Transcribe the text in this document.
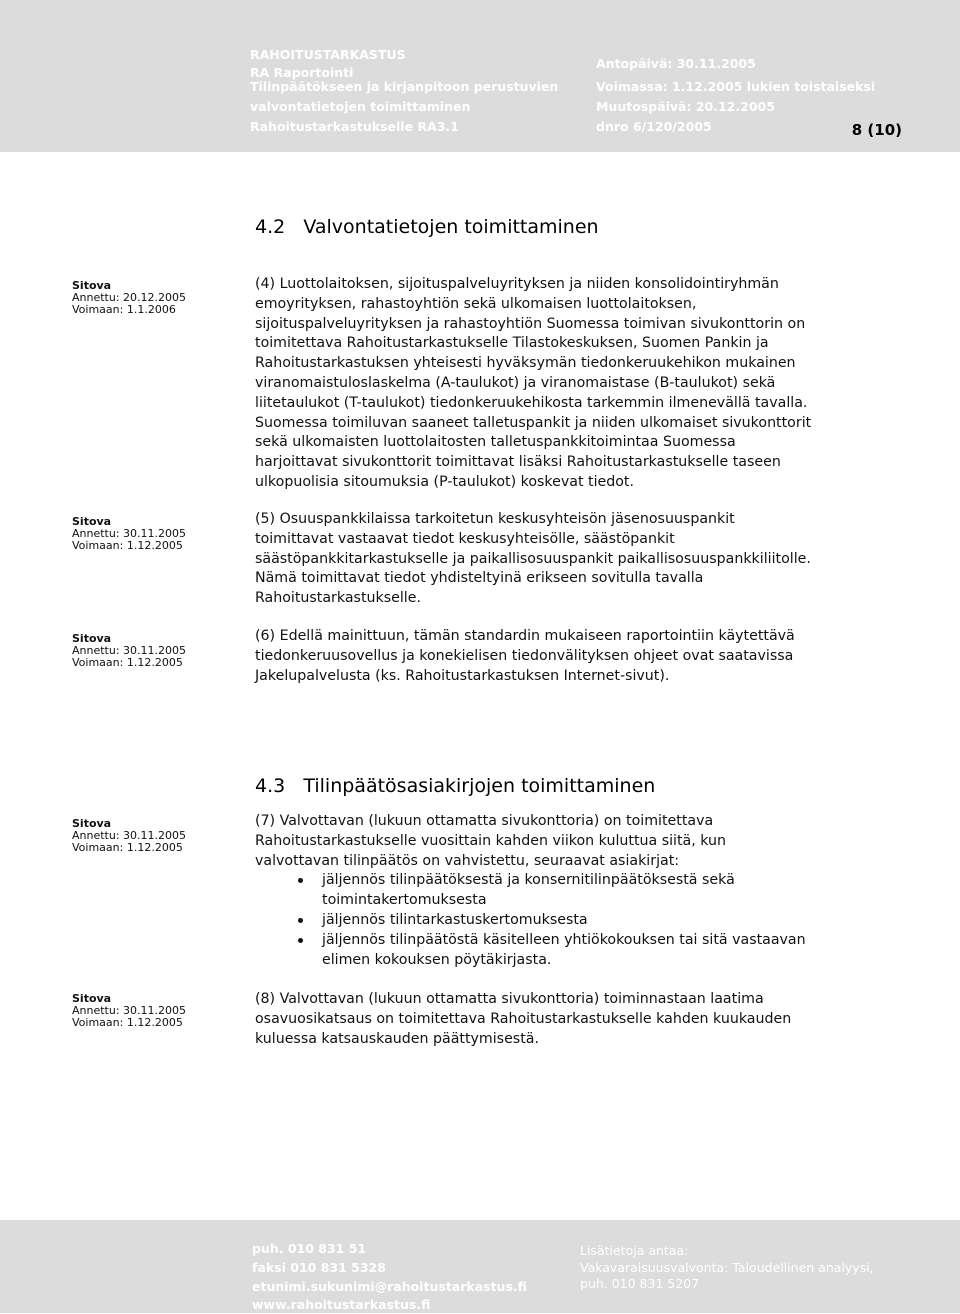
RAHOITUSTARKASTUS
RA Raportointi
Tilinpäätökseen ja kirjanpitoon perustuvien
valvontatietojen toimittaminen
Rahoitustarkastukselle RA3.1
Antopäivä: 30.11.2005
Voimassa: 1.12.2005 lukien toistaiseksi
Muutospäivä: 20.12.2005
dnro 6/120/2005	8 (10)
4.2 Valvontatietojen toimittaminen
Sitova
Annettu: 20.12.2005
Voimaan: 1.1.2006
(4) Luottolaitoksen, sijoituspalveluyrityksen ja niiden konsolidointiryhmän
emoyrityksen, rahastoyhtiön sekä ulkomaisen luottolaitoksen,
sijoituspalveluyrityksen ja rahastoyhtiön Suomessa toimivan sivukonttorin on
toimitettava Rahoitustarkastukselle Tilastokeskuksen, Suomen Pankin ja
Rahoitustarkastuksen yhteisesti hyväksymän tiedonkeruukehikon mukainen
viranomaistuloslaskelma (A-taulukot) ja viranomaistase (B-taulukot) sekä
liitetaulukot (T-taulukot) tiedonkeruukehikosta tarkemmin ilmenevällä tavalla.
Suomessa toimiluvan saaneet talletuspankit ja niiden ulkomaiset sivukonttorit
sekä ulkomaisten luottolaitosten talletuspankkitoimintaa Suomessa
harjoittavat sivukonttorit toimittavat lisäksi Rahoitustarkastukselle taseen
ulkopuolisia sitoumuksia (P-taulukot) koskevat tiedot.
Sitova
Annettu: 30.11.2005
Voimaan: 1.12.2005
(5) Osuuspankkilaissa tarkoitetun keskusyhteisön jäsenosuuspankit
toimittavat vastaavat tiedot keskusyhteisölle, säästöpankit
säästöpankkitarkastukselle ja paikallisosuuspankit paikallisosuuspankkiliitolle.
Nämä toimittavat tiedot yhdisteltyinä erikseen sovitulla tavalla
Rahoitustarkastukselle.
Sitova
Annettu: 30.11.2005
Voimaan: 1.12.2005
(6) Edellä mainittuun, tämän standardin mukaiseen raportointiin käytettävä
tiedonkeruusovellus ja konekielisen tiedonvälityksen ohjeet ovat saatavissa
Jakelupalvelusta (ks. Rahoitustarkastuksen Internet-sivut).
4.3 Tilinpäätösasiakirjojen toimittaminen
Sitova
Annettu: 30.11.2005
Voimaan: 1.12.2005
(7) Valvottavan (lukuun ottamatta sivukonttoria) on toimitettava
Rahoitustarkastukselle vuosittain kahden viikon kuluttua siitä, kun
valvottavan tilinpäätös on vahvistettu, seuraavat asiakirjat:
jäljennös tilinpäätöksestä ja konsernitilinpäätöksestä sekä
toimintakertomuksesta
jäljennös tilintarkastuskertomuksesta
jäljennös tilinpäätöstä käsitelleen yhtiökokouksen tai sitä vastaavan
elimen kokouksen pöytäkirjasta.
Sitova
Annettu: 30.11.2005
Voimaan: 1.12.2005
(8) Valvottavan (lukuun ottamatta sivukonttoria) toiminnastaan laatima
osavuosikatsaus on toimitettava Rahoitustarkastukselle kahden kuukauden
kuluessa katsauskauden päättymisestä.
puh. 010 831 51
faksi 010 831 5328
etunimi.sukunimi@rahoitustarkastus.fi
www.rahoitustarkastus.fi
Lisätietoja antaa:
Vakavaraisuusvalvonta: Taloudellinen analyysi,
puh. 010 831 5207
